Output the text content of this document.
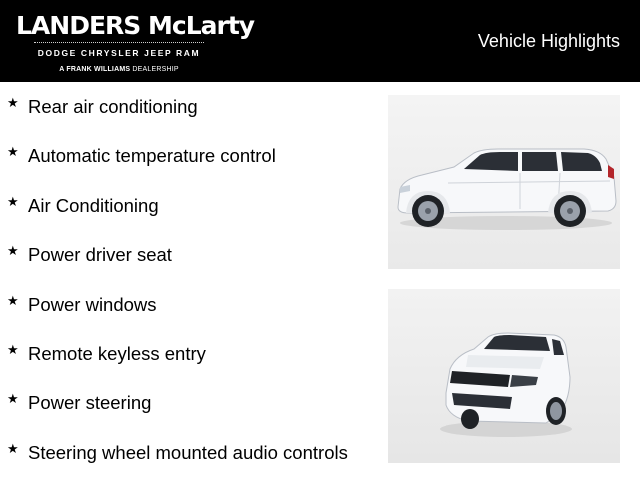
LANDERS McLarty
DODGE CHRYSLER JEEP RAM
A FRANK WILLIAMS DEALERSHIP
Vehicle Highlights
★ Rear air conditioning
★ Automatic temperature control
★ Air Conditioning
★ Power driver seat
★ Power windows
★ Remote keyless entry
★ Power steering
★ Steering wheel mounted audio controls
